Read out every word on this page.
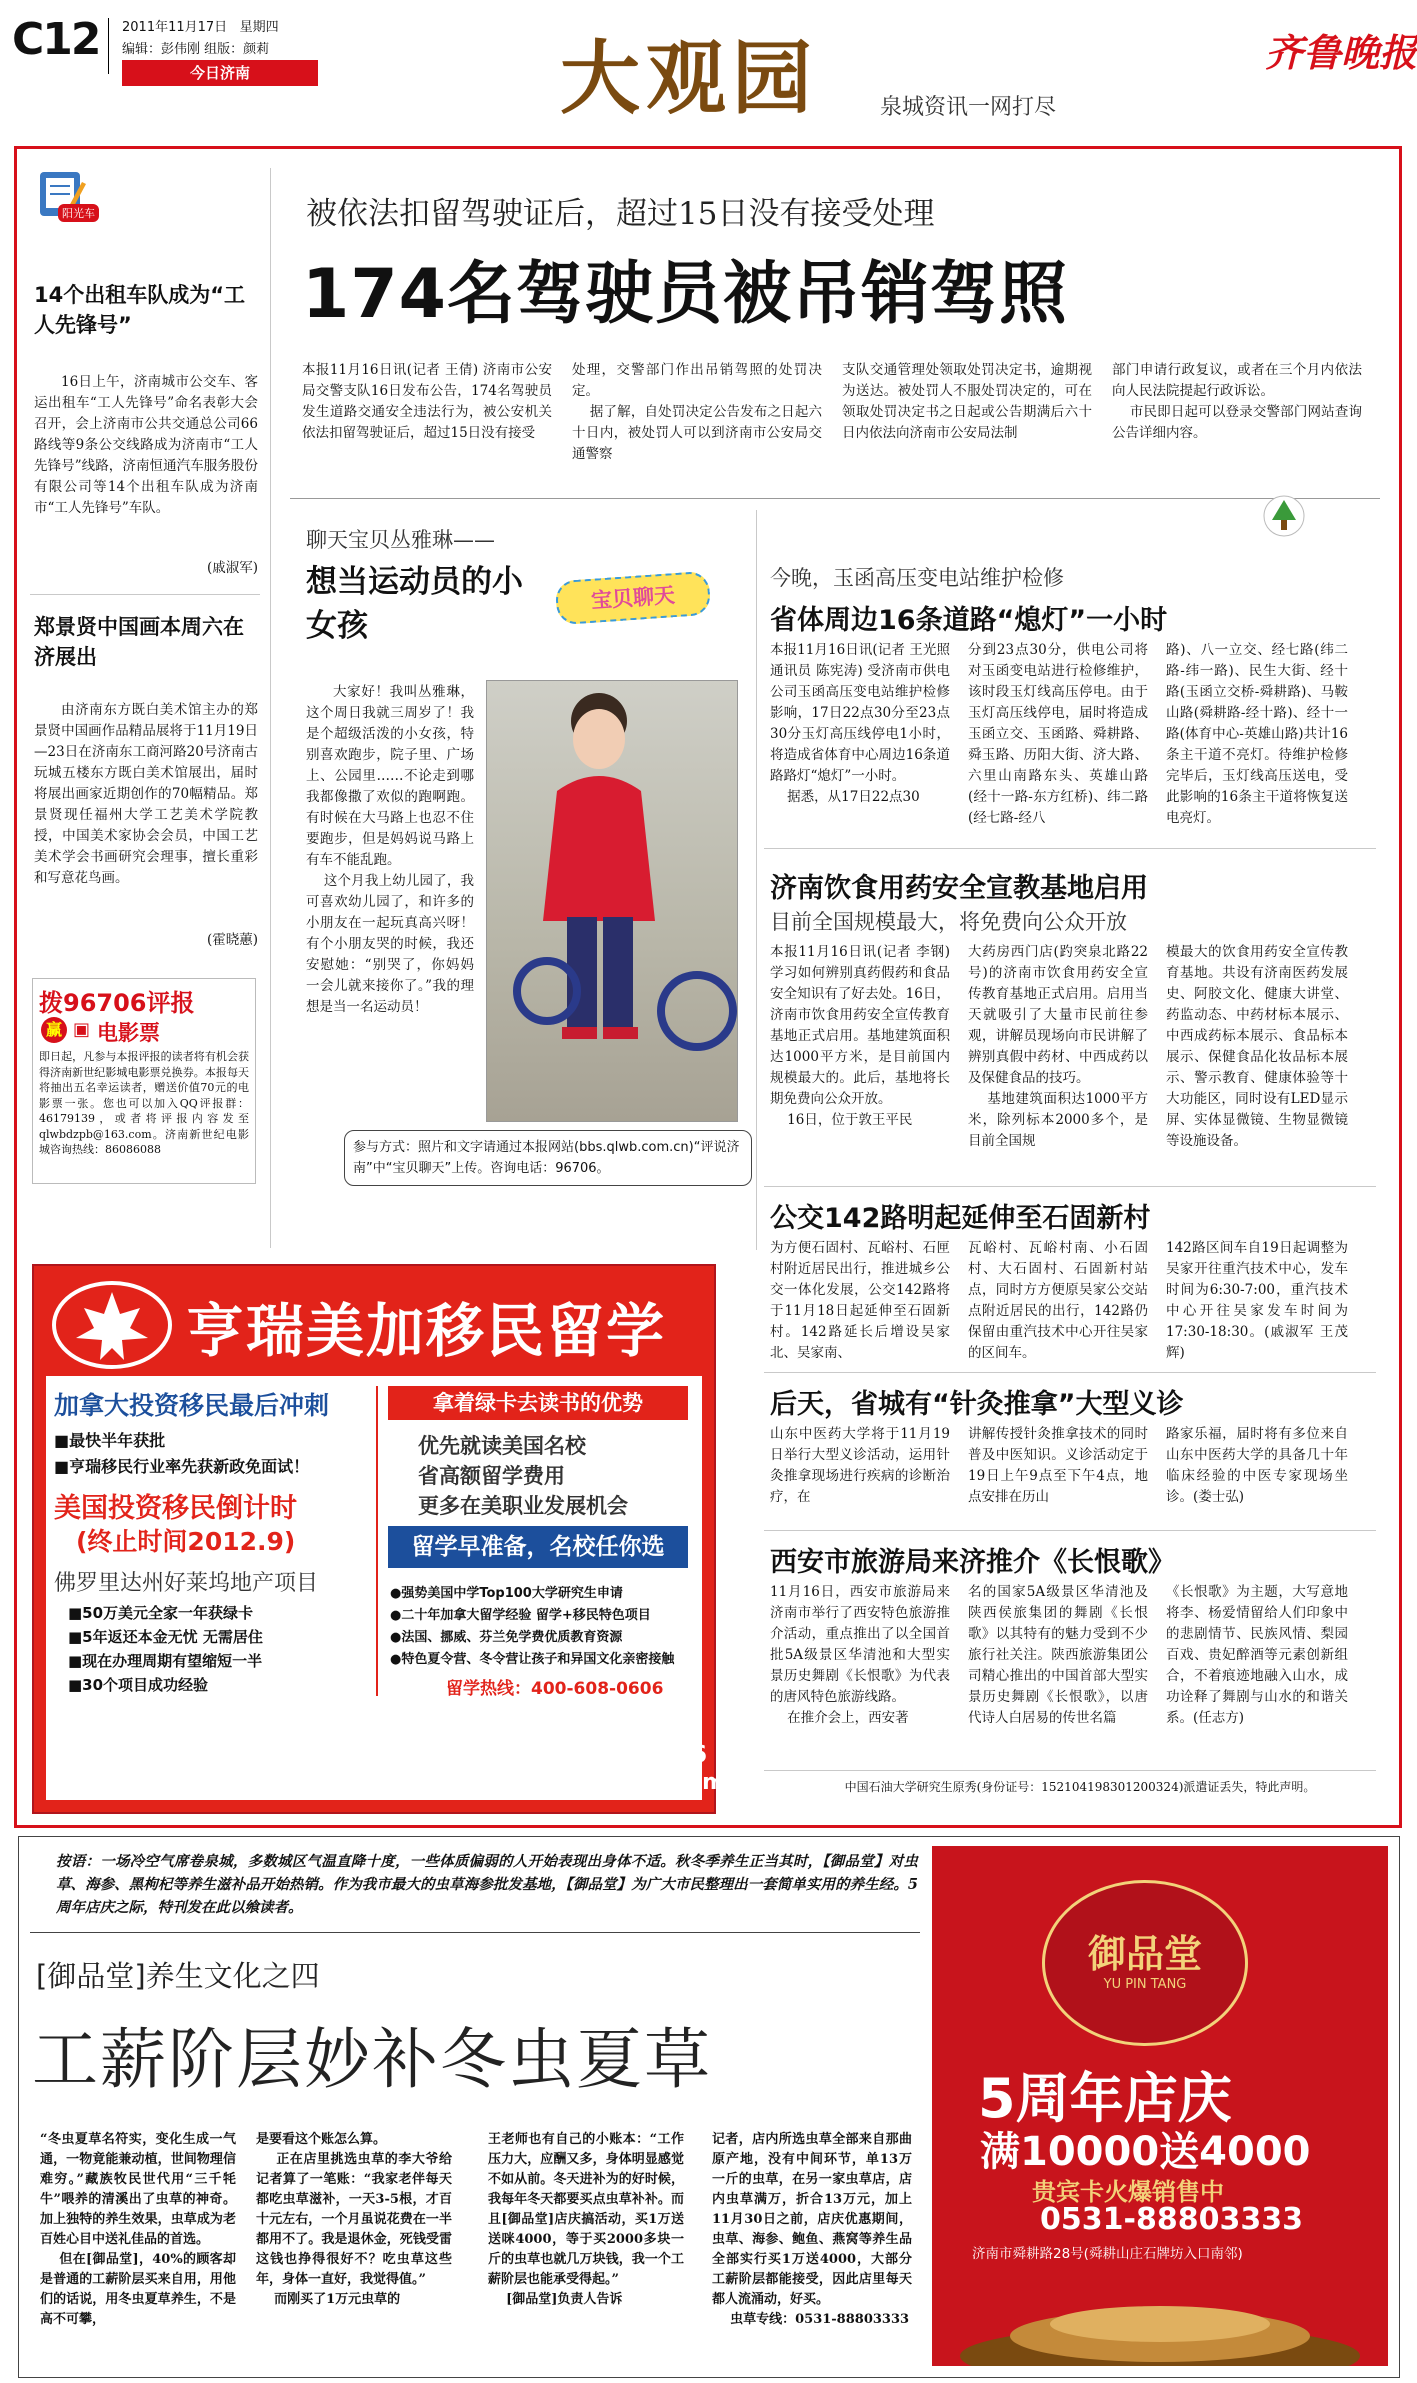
C12 2011年11月17日 星期四
编辑：彭伟刚 组版：颜莉
今日济南	大观园	泉城资讯一网打尽
齐鲁晚报
阳光车
14个出租车队成为“工人先锋号”
16日上午，济南城市公交车、客运出租车“工人先锋号”命名表彰大会召开，会上济南市公共交通总公司66路线等9条公交线路成为济南市“工人先锋号”线路，济南恒通汽车服务股份有限公司等14个出租车队成为济南市“工人先锋号”车队。
(戚淑军)
郑景贤中国画本周六在济展出
由济南东方既白美术馆主办的郑景贤中国画作品精品展将于11月19日—23日在济南东工商河路20号济南古玩城五楼东方既白美术馆展出，届时将展出画家近期创作的70幅精品。郑景贤现任福州大学工艺美术学院教授，中国美术家协会会员，中国工艺美术学会书画研究会理事，擅长重彩和写意花鸟画。
(霍晓蕙)
拨96706评报
赢 ▣ 电影票
即日起，凡参与本报评报的读者将有机会获得济南新世纪影城电影票兑换券。本报每天将抽出五名幸运读者，赠送价值70元的电影票一张。您也可以加入QQ评报群：46179139，或者将评报内容发至qlwbdzpb@163.com。济南新世纪电影城咨询热线：86086088
被依法扣留驾驶证后，超过15日没有接受处理
174名驾驶员被吊销驾照
本报11月16日讯(记者 王倩) 济南市公安局交警支队16日发布公告，174名驾驶员发生道路交通安全违法行为，被公安机关依法扣留驾驶证后，超过15日没有接受
处理，交警部门作出吊销驾照的处罚决定。
据了解，自处罚决定公告发布之日起六十日内，被处罚人可以到济南市公安局交通警察
支队交通管理处领取处罚决定书，逾期视为送达。被处罚人不服处罚决定的，可在领取处罚决定书之日起或公告期满后六十日内依法向济南市公安局法制
部门申请行政复议，或者在三个月内依法向人民法院提起行政诉讼。
市民即日起可以登录交警部门网站查询公告详细内容。
聊天宝贝丛雅琳——
想当运动员的小女孩
宝贝聊天
大家好！我叫丛雅琳，这个周日我就三周岁了！我是个超级活泼的小女孩，特别喜欢跑步，院子里、广场上、公园里……不论走到哪我都像撒了欢似的跑啊跑。有时候在大马路上也忍不住要跑步，但是妈妈说马路上有车不能乱跑。
这个月我上幼儿园了，我可喜欢幼儿园了，和许多的小朋友在一起玩真高兴呀！有个小朋友哭的时候，我还安慰她：“别哭了，你妈妈一会儿就来接你了。”我的理想是当一名运动员！
参与方式：照片和文字请通过本报网站(bbs.qlwb.com.cn)“评说济南”中“宝贝聊天”上传。咨询电话：96706。
今晚，玉函高压变电站维护检修
省体周边16条道路“熄灯”一小时
本报11月16日讯(记者 王光照 通讯员 陈宪涛) 受济南市供电公司玉函高压变电站维护检修影响，17日22点30分至23点30分玉灯高压线停电1小时，将造成省体育中心周边16条道路路灯“熄灯”一小时。
据悉，从17日22点30
分到23点30分，供电公司将对玉函变电站进行检修维护，该时段玉灯线高压停电。由于玉灯高压线停电，届时将造成玉函立交、玉函路、舜耕路、舜玉路、历阳大街、济大路、六里山南路东头、英雄山路(经十一路-东方红桥)、纬二路(经七路-经八
路)、八一立交、经七路(纬二路-纬一路)、民生大街、经十路(玉函立交桥-舜耕路)、马鞍山路(舜耕路-经十路)、经十一路(体育中心-英雄山路)共计16条主干道不亮灯。待维护检修完毕后，玉灯线高压送电，受此影响的16条主干道将恢复送电亮灯。
济南饮食用药安全宣教基地启用
目前全国规模最大，将免费向公众开放
本报11月16日讯(记者 李钢) 学习如何辨别真药假药和食品安全知识有了好去处。16日，济南市饮食用药安全宣传教育基地正式启用。基地建筑面积达1000平方米，是目前国内规模最大的。此后，基地将长期免费向公众开放。
16日，位于敦王平民
大药房西门店(趵突泉北路22号)的济南市饮食用药安全宣传教育基地正式启用。启用当天就吸引了大量市民前往参观，讲解员现场向市民讲解了辨别真假中药材、中西成药以及保健食品的技巧。
基地建筑面积达1000平方米，除列标本2000多个，是目前全国规
模最大的饮食用药安全宣传教育基地。共设有济南医药发展史、阿胶文化、健康大讲堂、药监动态、中药材标本展示、中西成药标本展示、食品标本展示、保健食品化妆品标本展示、警示教育、健康体验等十大功能区，同时设有LED显示屏、实体显微镜、生物显微镜等设施设备。
公交142路明起延伸至石固新村
为方便石固村、瓦峪村、石匣村附近居民出行，推进城乡公交一体化发展，公交142路将于11月18日起延伸至石固新村。142路延长后增设吴家北、吴家南、
瓦峪村、瓦峪村南、小石固村、大石固村、石固新村站点，同时方方便原吴家公交站点附近居民的出行，142路仍保留由重汽技术中心开往吴家的区间车。
142路区间车自19日起调整为吴家开往重汽技术中心，发车时间为6:30-7:00，重汽技术中心开往吴家发车时间为17:30-18:30。(戚淑军 王茂辉)
后天，省城有“针灸推拿”大型义诊
山东中医药大学将于11月19日举行大型义诊活动，运用针灸推拿现场进行疾病的诊断治疗，在
讲解传授针灸推拿技术的同时普及中医知识。义诊活动定于19日上午9点至下午4点，地点安排在历山
路家乐福，届时将有多位来自山东中医药大学的具备几十年临床经验的中医专家现场坐诊。(娄士弘)
西安市旅游局来济推介《长恨歌》
11月16日，西安市旅游局来济南市举行了西安特色旅游推介活动，重点推出了以全国首批5A级景区华清池和大型实景历史舞剧《长恨歌》为代表的唐风特色旅游线路。
在推介会上，西安著
名的国家5A级景区华清池及陕西侯旅集团的舞剧《长恨歌》以其特有的魅力受到不少旅行社关注。陕西旅游集团公司精心推出的中国首部大型实景历史舞剧《长恨歌》，以唐代诗人白居易的传世名篇
《长恨歌》为主题，大写意地将李、杨爱情留给人们印象中的悲剧情节、民族风情、梨园百戏、贵妃醉酒等元素创新组合，不着痕迹地融入山水，成功诠释了舞剧与山水的和谐关系。(任志方)
中国石油大学研究生原秀(身份证号：152104198301200324)派遣证丢失，特此声明。
亨瑞美加移民留学
加拿大投资移民最后冲刺
■最快半年获批
■亨瑞移民行业率先获新政免面试！
美国投资移民倒计时
(终止时间2012.9)
佛罗里达州好莱坞地产项目
■50万美元全家一年获绿卡
■5年返还本金无忧 无需居住
■现在办理周期有望缩短一半
■30个项目成功经验
拿着绿卡去读书的优势
优先就读美国名校
省高额留学费用
更多在美职业发展机会
留学早准备，名校任你选
●强势美国中学Top100大学研究生申请
●二十年加拿大留学经验 留学+移民特色项目
●法国、挪威、芬兰免学费优质教育资源
●特色夏令营、冬令营让孩子和异国文化亲密接触
留学热线：400-608-0606
咨询热线：0531-86916390 24小时热线：13605317156
办公地点：泺源大街68号玉泉森信大酒店B16层	www.visa800.com
按语：一场冷空气席卷泉城，多数城区气温直降十度，一些体质偏弱的人开始表现出身体不适。秋冬季养生正当其时，【御品堂】对虫草、海参、黑枸杞等养生滋补品开始热销。作为我市最大的虫草海参批发基地，【御品堂】为广大市民整理出一套简单实用的养生经。5周年店庆之际，特刊发在此以飨读者。
[御品堂]养生文化之四
工薪阶层妙补冬虫夏草
“冬虫夏草名符实，变化生成一气通，一物竟能兼动植，世间物理信难穷。”藏族牧民世代用“三千牦牛”喂养的清溪出了虫草的神奇。加上独特的养生效果，虫草成为老百姓心目中送礼佳品的首选。
但在[御品堂]，40%的顾客却是普通的工薪阶层买来自用，用他们的话说，用冬虫夏草养生，不是高不可攀，
是要看这个账怎么算。
正在店里挑选虫草的李大爷给记者算了一笔账：“我家老伴每天都吃虫草滋补，一天3-5根，才百十元左右，一个月虽说花费在一半都用不了。我是退休金，死钱受雷这钱也挣得很好不？吃虫草这些年，身体一直好，我觉得值。”
而刚买了1万元虫草的
王老师也有自己的小账本：“工作压力大，应酬又多，身体明显感觉不如从前。冬天进补为的好时候，我每年冬天都要买点虫草补补。而且[御品堂]店庆搞活动，买1万送送咪4000，等于买2000多块一斤的虫草也就几万块钱，我一个工薪阶层也能承受得起。”
[御品堂]负责人告诉
记者，店内所选虫草全部来自那曲原产地，没有中间环节，单13万一斤的虫草，在另一家虫草店，店内虫草满万，折合13万元，加上11月30日之前，店庆优惠期间，虫草、海参、鲍鱼、燕窝等养生品全部实行买1万送4000，大部分工薪阶层都能接受，因此店里每天都人流涌动，好买。
虫草专线：0531-88803333
御品堂
YU PIN TANG
5周年店庆
满10000送4000
贵宾卡火爆销售中
0531-88803333
济南市舜耕路28号(舜耕山庄石牌坊入口南邻)
